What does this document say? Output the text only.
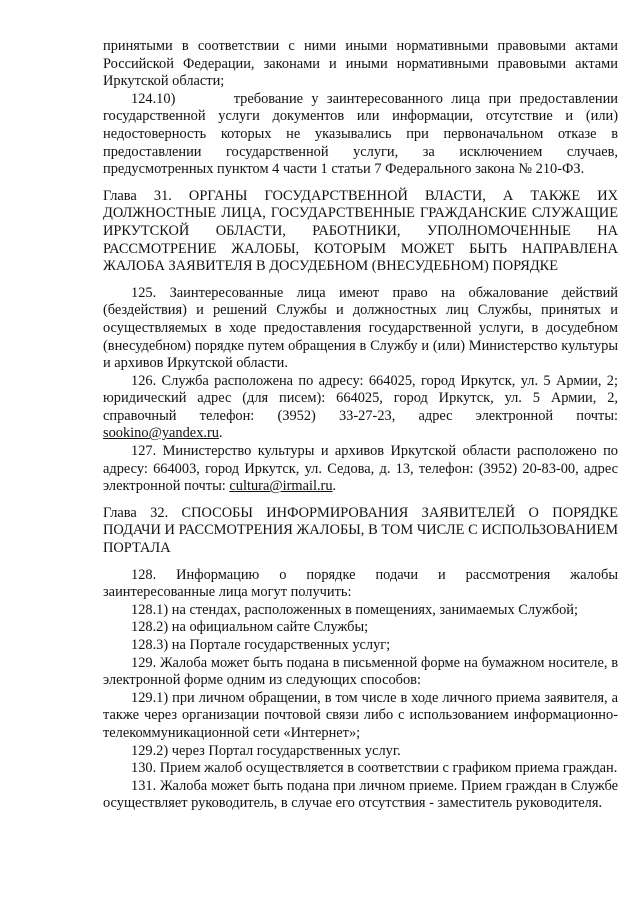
принятыми в соответствии с ними иными нормативными правовыми актами Российской Федерации, законами и иными нормативными правовыми актами Иркутской области;

124.10)	требование у заинтересованного лица при предоставлении государственной услуги документов или информации, отсутствие и (или) недостоверность которых не указывались при первоначальном отказе в предоставлении государственной услуги, за исключением случаев, предусмотренных пунктом 4 части 1 статьи 7 Федерального закона № 210-ФЗ.

Глава 31. ОРГАНЫ ГОСУДАРСТВЕННОЙ ВЛАСТИ, А ТАКЖЕ ИХ ДОЛЖНОСТНЫЕ ЛИЦА, ГОСУДАРСТВЕННЫЕ ГРАЖДАНСКИЕ СЛУЖАЩИЕ ИРКУТСКОЙ ОБЛАСТИ, РАБОТНИКИ, УПОЛНОМОЧЕННЫЕ НА РАССМОТРЕНИЕ ЖАЛОБЫ, КОТОРЫМ МОЖЕТ БЫТЬ НАПРАВЛЕНА ЖАЛОБА ЗАЯВИТЕЛЯ В ДОСУДЕБНОМ (ВНЕСУДЕБНОМ) ПОРЯДКЕ

125. Заинтересованные лица имеют право на обжалование действий (бездействия) и решений Службы и должностных лиц Службы, принятых и осуществляемых в ходе предоставления государственной услуги, в досудебном (внесудебном) порядке путем обращения в Службу и (или) Министерство культуры и архивов Иркутской области.

126. Служба расположена по адресу: 664025, город Иркутск, ул. 5 Армии, 2; юридический адрес (для писем): 664025, город Иркутск, ул. 5 Армии, 2, справочный телефон: (3952) 33-27-23, адрес электронной почты: sookino@yandex.ru.

127. Министерство культуры и архивов Иркутской области расположено по адресу: 664003, город Иркутск, ул. Седова, д. 13, телефон: (3952) 20-83-00, адрес электронной почты: cultura@irmail.ru.

Глава 32. СПОСОБЫ ИНФОРМИРОВАНИЯ ЗАЯВИТЕЛЕЙ О ПОРЯДКЕ ПОДАЧИ И РАССМОТРЕНИЯ ЖАЛОБЫ, В ТОМ ЧИСЛЕ С ИСПОЛЬЗОВАНИЕМ ПОРТАЛА

128. Информацию о порядке подачи и рассмотрения жалобы заинтересованные лица могут получить:

128.1) на стендах, расположенных в помещениях, занимаемых Службой;

128.2) на официальном сайте Службы;

128.3) на Портале государственных услуг;

129. Жалоба может быть подана в письменной форме на бумажном носителе, в электронной форме одним из следующих способов:

129.1) при личном обращении, в том числе в ходе личного приема заявителя, а также через организации почтовой связи либо с использованием информационно-телекоммуникационной сети «Интернет»;

129.2) через Портал государственных услуг.

130. Прием жалоб осуществляется в соответствии с графиком приема граждан.

131. Жалоба может быть подана при личном приеме. Прием граждан в Службе осуществляет руководитель, в случае его отсутствия - заместитель руководителя.
